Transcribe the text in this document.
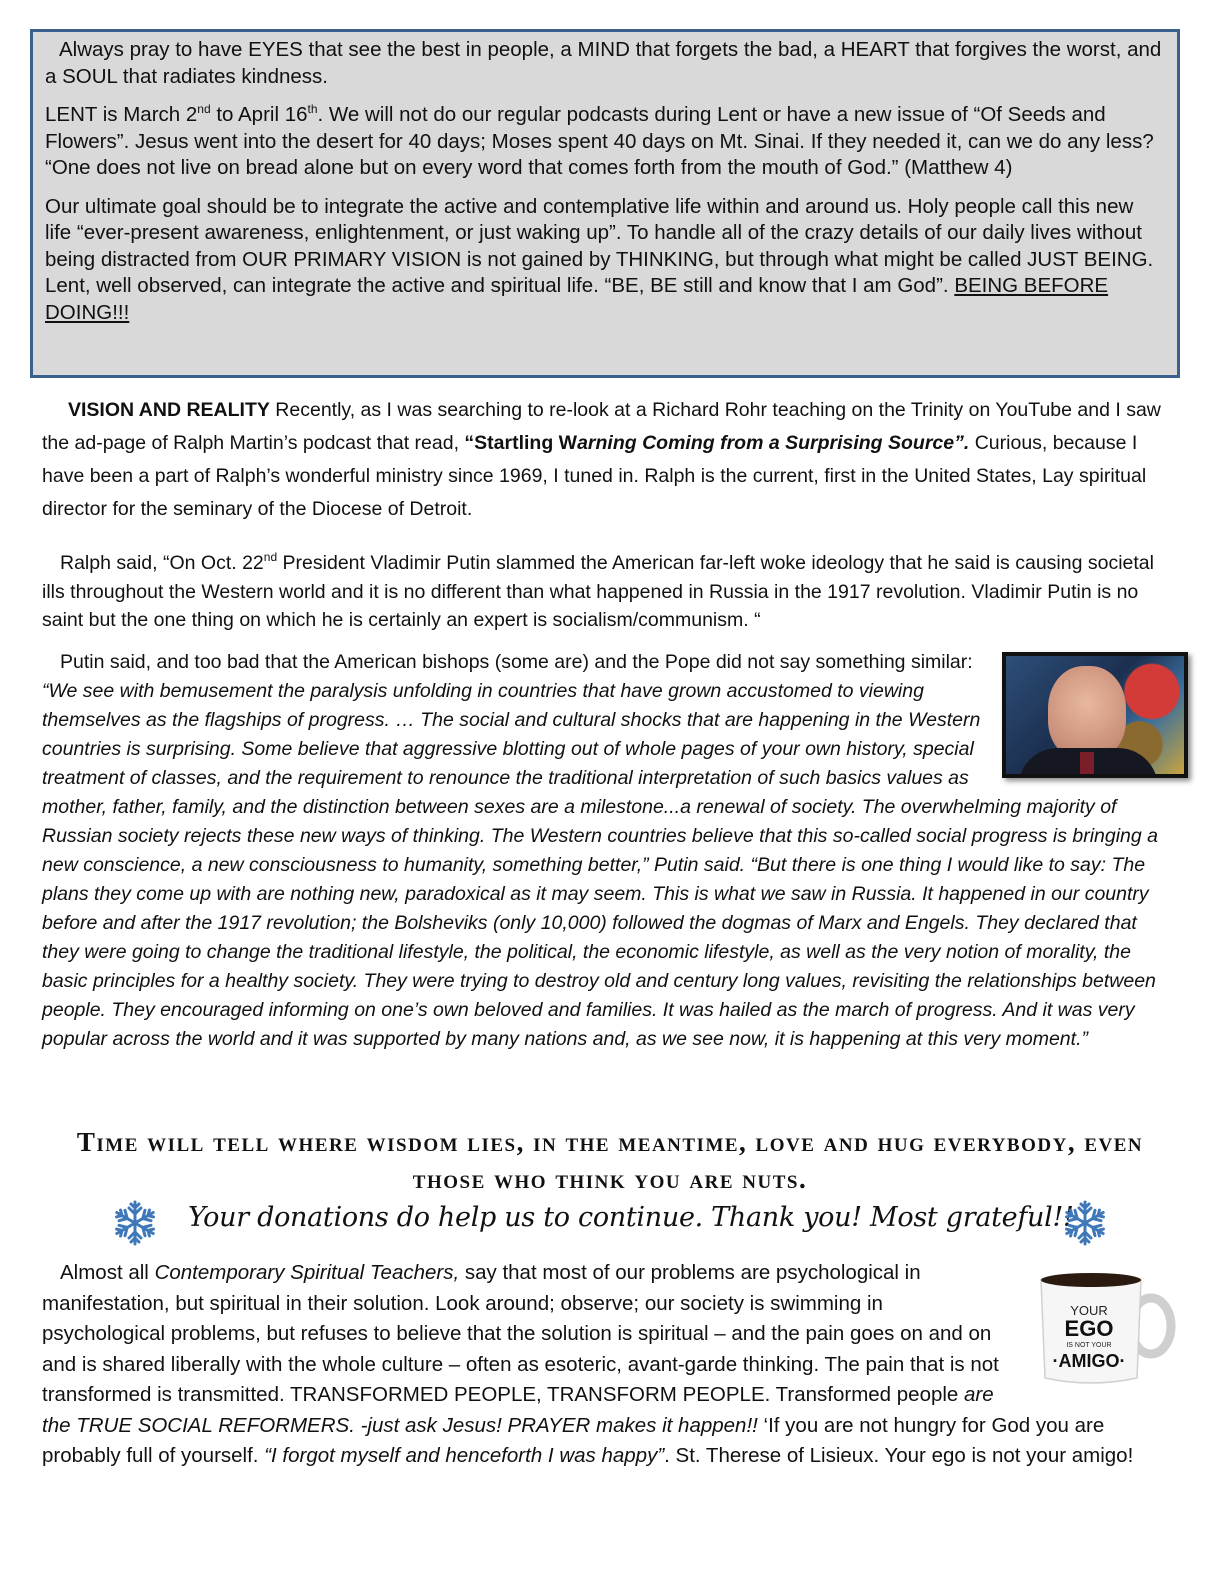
Always pray to have EYES that see the best in people, a MIND that forgets the bad, a HEART that forgives the worst, and a SOUL that radiates kindness.

LENT is March 2nd to April 16th. We will not do our regular podcasts during Lent or have a new issue of “Of Seeds and Flowers”. Jesus went into the desert for 40 days; Moses spent 40 days on Mt. Sinai. If they needed it, can we do any less? “One does not live on bread alone but on every word that comes forth from the mouth of God.” (Matthew 4)

Our ultimate goal should be to integrate the active and contemplative life within and around us. Holy people call this new life “ever-present awareness, enlightenment, or just waking up”. To handle all of the crazy details of our daily lives without being distracted from OUR PRIMARY VISION is not gained by THINKING, but through what might be called JUST BEING. Lent, well observed, can integrate the active and spiritual life. “BE, BE still and know that I am God”. BEING BEFORE DOING!!!

VISION AND REALITY Recently, as I was searching to re-look at a Richard Rohr teaching on the Trinity on YouTube and I saw the ad-page of Ralph Martin’s podcast that read, “Startling Warning Coming from a Surprising Source”. Curious, because I have been a part of Ralph’s wonderful ministry since 1969, I tuned in. Ralph is the current, first in the United States, Lay spiritual director for the seminary of the Diocese of Detroit.
Ralph said, “On Oct. 22nd President Vladimir Putin slammed the American far-left woke ideology that he said is causing societal ills throughout the Western world and it is no different than what happened in Russia in the 1917 revolution. Vladimir Putin is no saint but the one thing on which he is certainly an expert is socialism/communism. “

Putin said, and too bad that the American bishops (some are) and the Pope did not say something similar: “We see with bemusement the paralysis unfolding in countries that have grown accustomed to viewing themselves as the flagships of progress. … The social and cultural shocks that are happening in the Western countries is surprising. Some believe that aggressive blotting out of whole pages of your own history, special treatment of classes, and the requirement to renounce the traditional interpretation of such basics values as mother, father, family, and the distinction between sexes are a milestone...a renewal of society. The overwhelming majority of Russian society rejects these new ways of thinking. The Western countries believe that this so-called social progress is bringing a new conscience, a new consciousness to humanity, something better,” Putin said. “But there is one thing I would like to say: The plans they come up with are nothing new, paradoxical as it may seem. This is what we saw in Russia. It happened in our country before and after the 1917 revolution; the Bolsheviks (only 10,000) followed the dogmas of Marx and Engels. They declared that they were going to change the traditional lifestyle, the political, the economic lifestyle, as well as the very notion of morality, the basic principles for a healthy society. They were trying to destroy old and century long values, revisiting the relationships between people. They encouraged informing on one’s own beloved and families. It was hailed as the march of progress. And it was very popular across the world and it was supported by many nations and, as we see now, it is happening at this very moment.”

Time will tell where wisdom lies, in the meantime, love and hug everybody, even those who think you are nuts.
Your donations do help us to continue. Thank you! Most grateful!!
YOUR
EGO
IS NOT YOUR
·AMIGO·

Almost all Contemporary Spiritual Teachers, say that most of our problems are psychological in manifestation, but spiritual in their solution. Look around; observe; our society is swimming in psychological problems, but refuses to believe that the solution is spiritual – and the pain goes on and on and is shared liberally with the whole culture – often as esoteric, avant-garde thinking. The pain that is not transformed is transmitted. TRANSFORMED PEOPLE, TRANSFORM PEOPLE. Transformed people are the TRUE SOCIAL REFORMERS. -just ask Jesus! PRAYER makes it happen!! ‘If you are not hungry for God you are probably full of yourself. “I forgot myself and henceforth I was happy”. St. Therese of Lisieux. Your ego is not your amigo!
